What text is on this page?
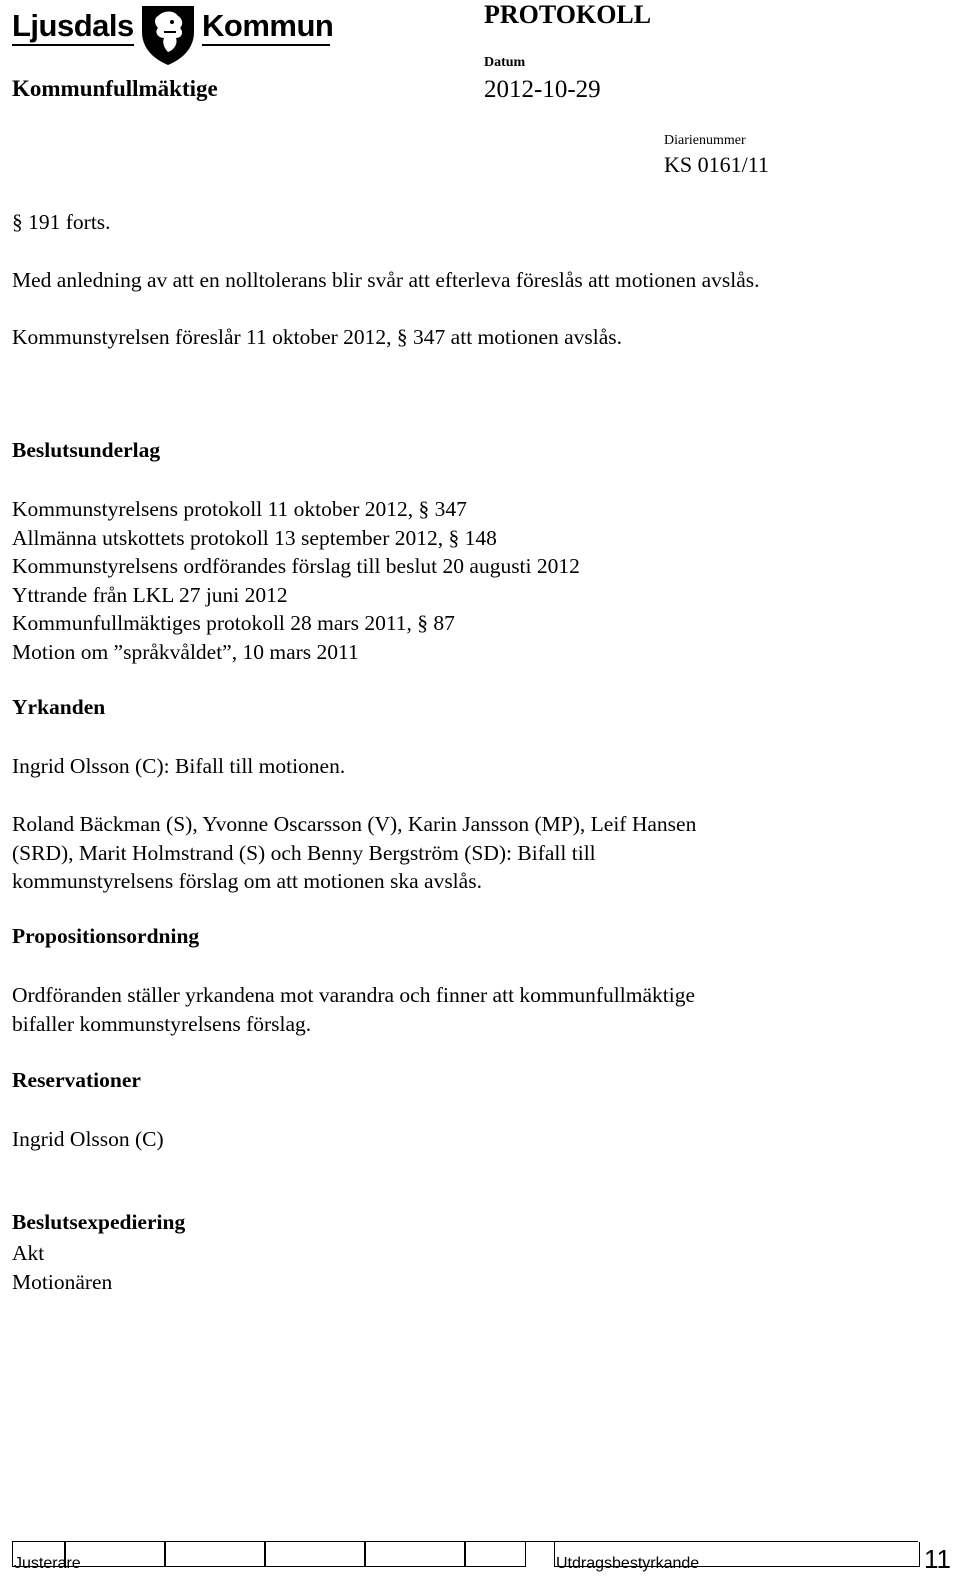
Ljusdals Kommun	PROTOKOLL
Kommunfullmäktige
Datum
2012-10-29
Diarienummer
KS 0161/11
§ 191 forts.
Med anledning av att en nolltolerans blir svår att efterleva föreslås att motionen avslås.
Kommunstyrelsen föreslår 11 oktober 2012, § 347 att motionen avslås.
Beslutsunderlag
Kommunstyrelsens protokoll 11 oktober 2012, § 347
Allmänna utskottets protokoll 13 september 2012, § 148
Kommunstyrelsens ordförandes förslag till beslut 20 augusti 2012
Yttrande från LKL 27 juni 2012
Kommunfullmäktiges protokoll 28 mars 2011, § 87
Motion om ”språkvåldet”, 10 mars 2011
Yrkanden
Ingrid Olsson (C): Bifall till motionen.
Roland Bäckman (S), Yvonne Oscarsson (V), Karin Jansson (MP), Leif Hansen
(SRD), Marit Holmstrand (S) och Benny Bergström (SD): Bifall till
kommunstyrelsens förslag om att motionen ska avslås.
Propositionsordning
Ordföranden ställer yrkandena mot varandra och finner att kommunfullmäktige
bifaller kommunstyrelsens förslag.
Reservationer
Ingrid Olsson (C)
Beslutsexpediering
Akt
Motionären
Justerare	Utdragsbestyrkande	11
